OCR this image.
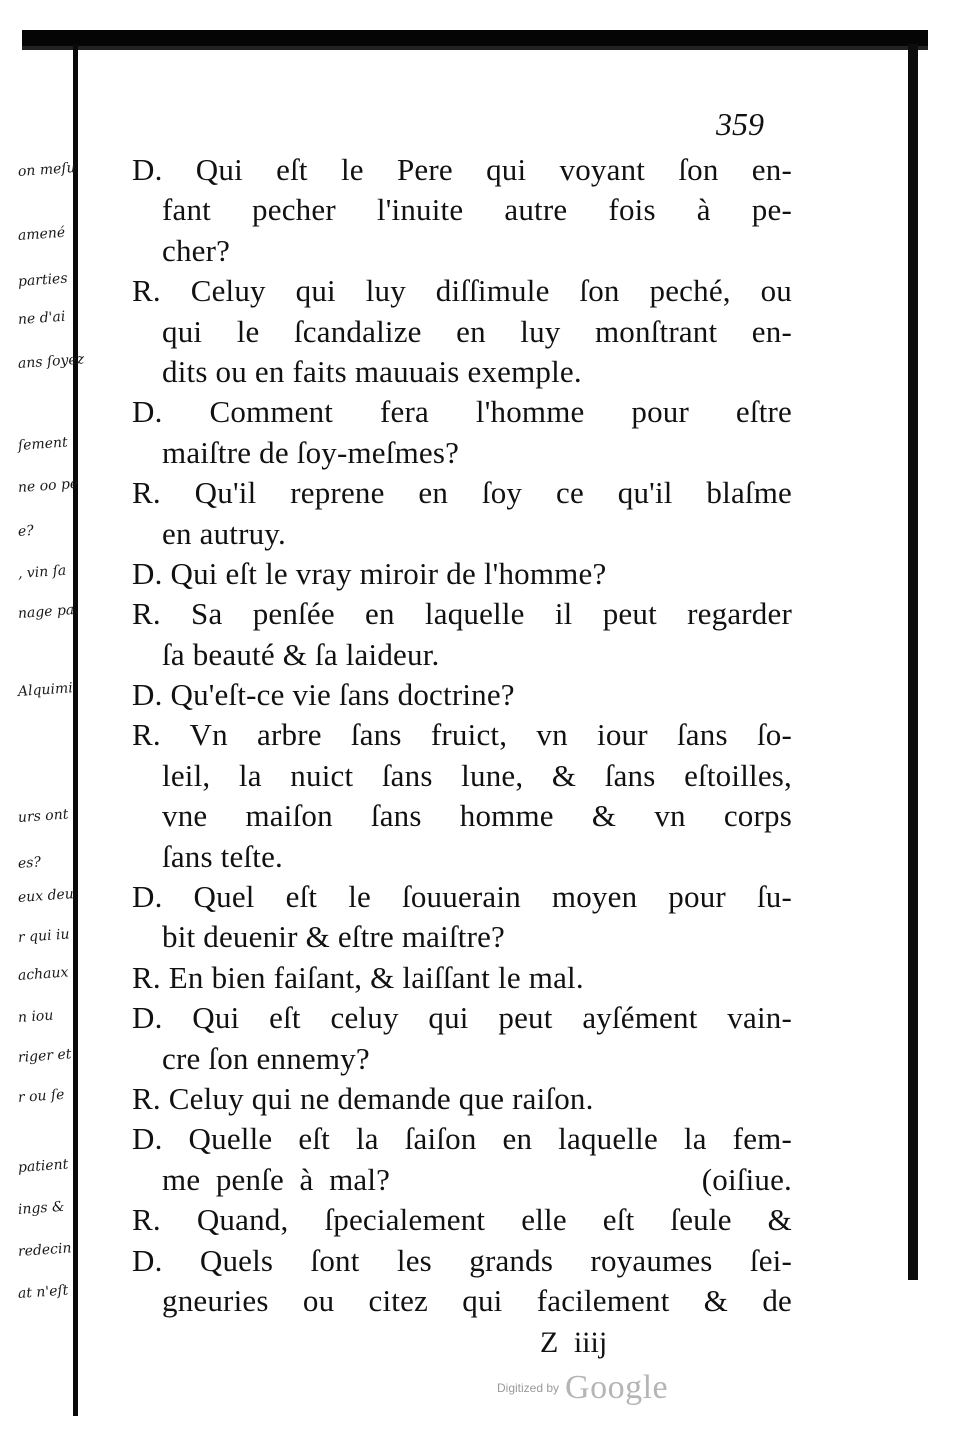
on meſu
amené
parties
ne d'ai
ans ſoyez
ſement
ne oo pe
e?
, vin ſa
nage pa
Alquimi
urs ont
es?
eux deu
r qui iu
achaux
n iou
riger et
r ou ſe
patient
ings &
redecin
at n'eſt
359
D. Qui eſt le Pere qui voyant ſon en-
fant pecher l'inuite autre fois à pe-
cher?
R. Celuy qui luy diſſimule ſon peché, ou
qui le ſcandalize en luy monſtrant en-
dits ou en faits mauuais exemple.
D. Comment fera l'homme pour eſtre
maiſtre de ſoy-meſmes?
R. Qu'il reprene en ſoy ce qu'il blaſme
en autruy.
D. Qui eſt le vray miroir de l'homme?
R. Sa penſée en laquelle il peut regarder
ſa beauté & ſa laideur.
D. Qu'eſt-ce vie ſans doctrine?
R. Vn arbre ſans fruict, vn iour ſans ſo-
leil, la nuict ſans lune, & ſans eſtoilles,
vne maiſon ſans homme & vn corps
ſans teſte.
D. Quel eſt le ſouuerain moyen pour ſu-
bit deuenir & eſtre maiſtre?
R. En bien faiſant, & laiſſant le mal.
D. Qui eſt celuy qui peut ayſément vain-
cre ſon ennemy?
R. Celuy qui ne demande que raiſon.
D. Quelle eſt la ſaiſon en laquelle la fem-
me penſe à mal?                    (oiſiue.
R. Quand, ſpecialement elle eſt ſeule &
D. Quels ſont les grands royaumes ſei-
gneuries ou citez qui facilement & de
Z iiij
Digitized by Google
